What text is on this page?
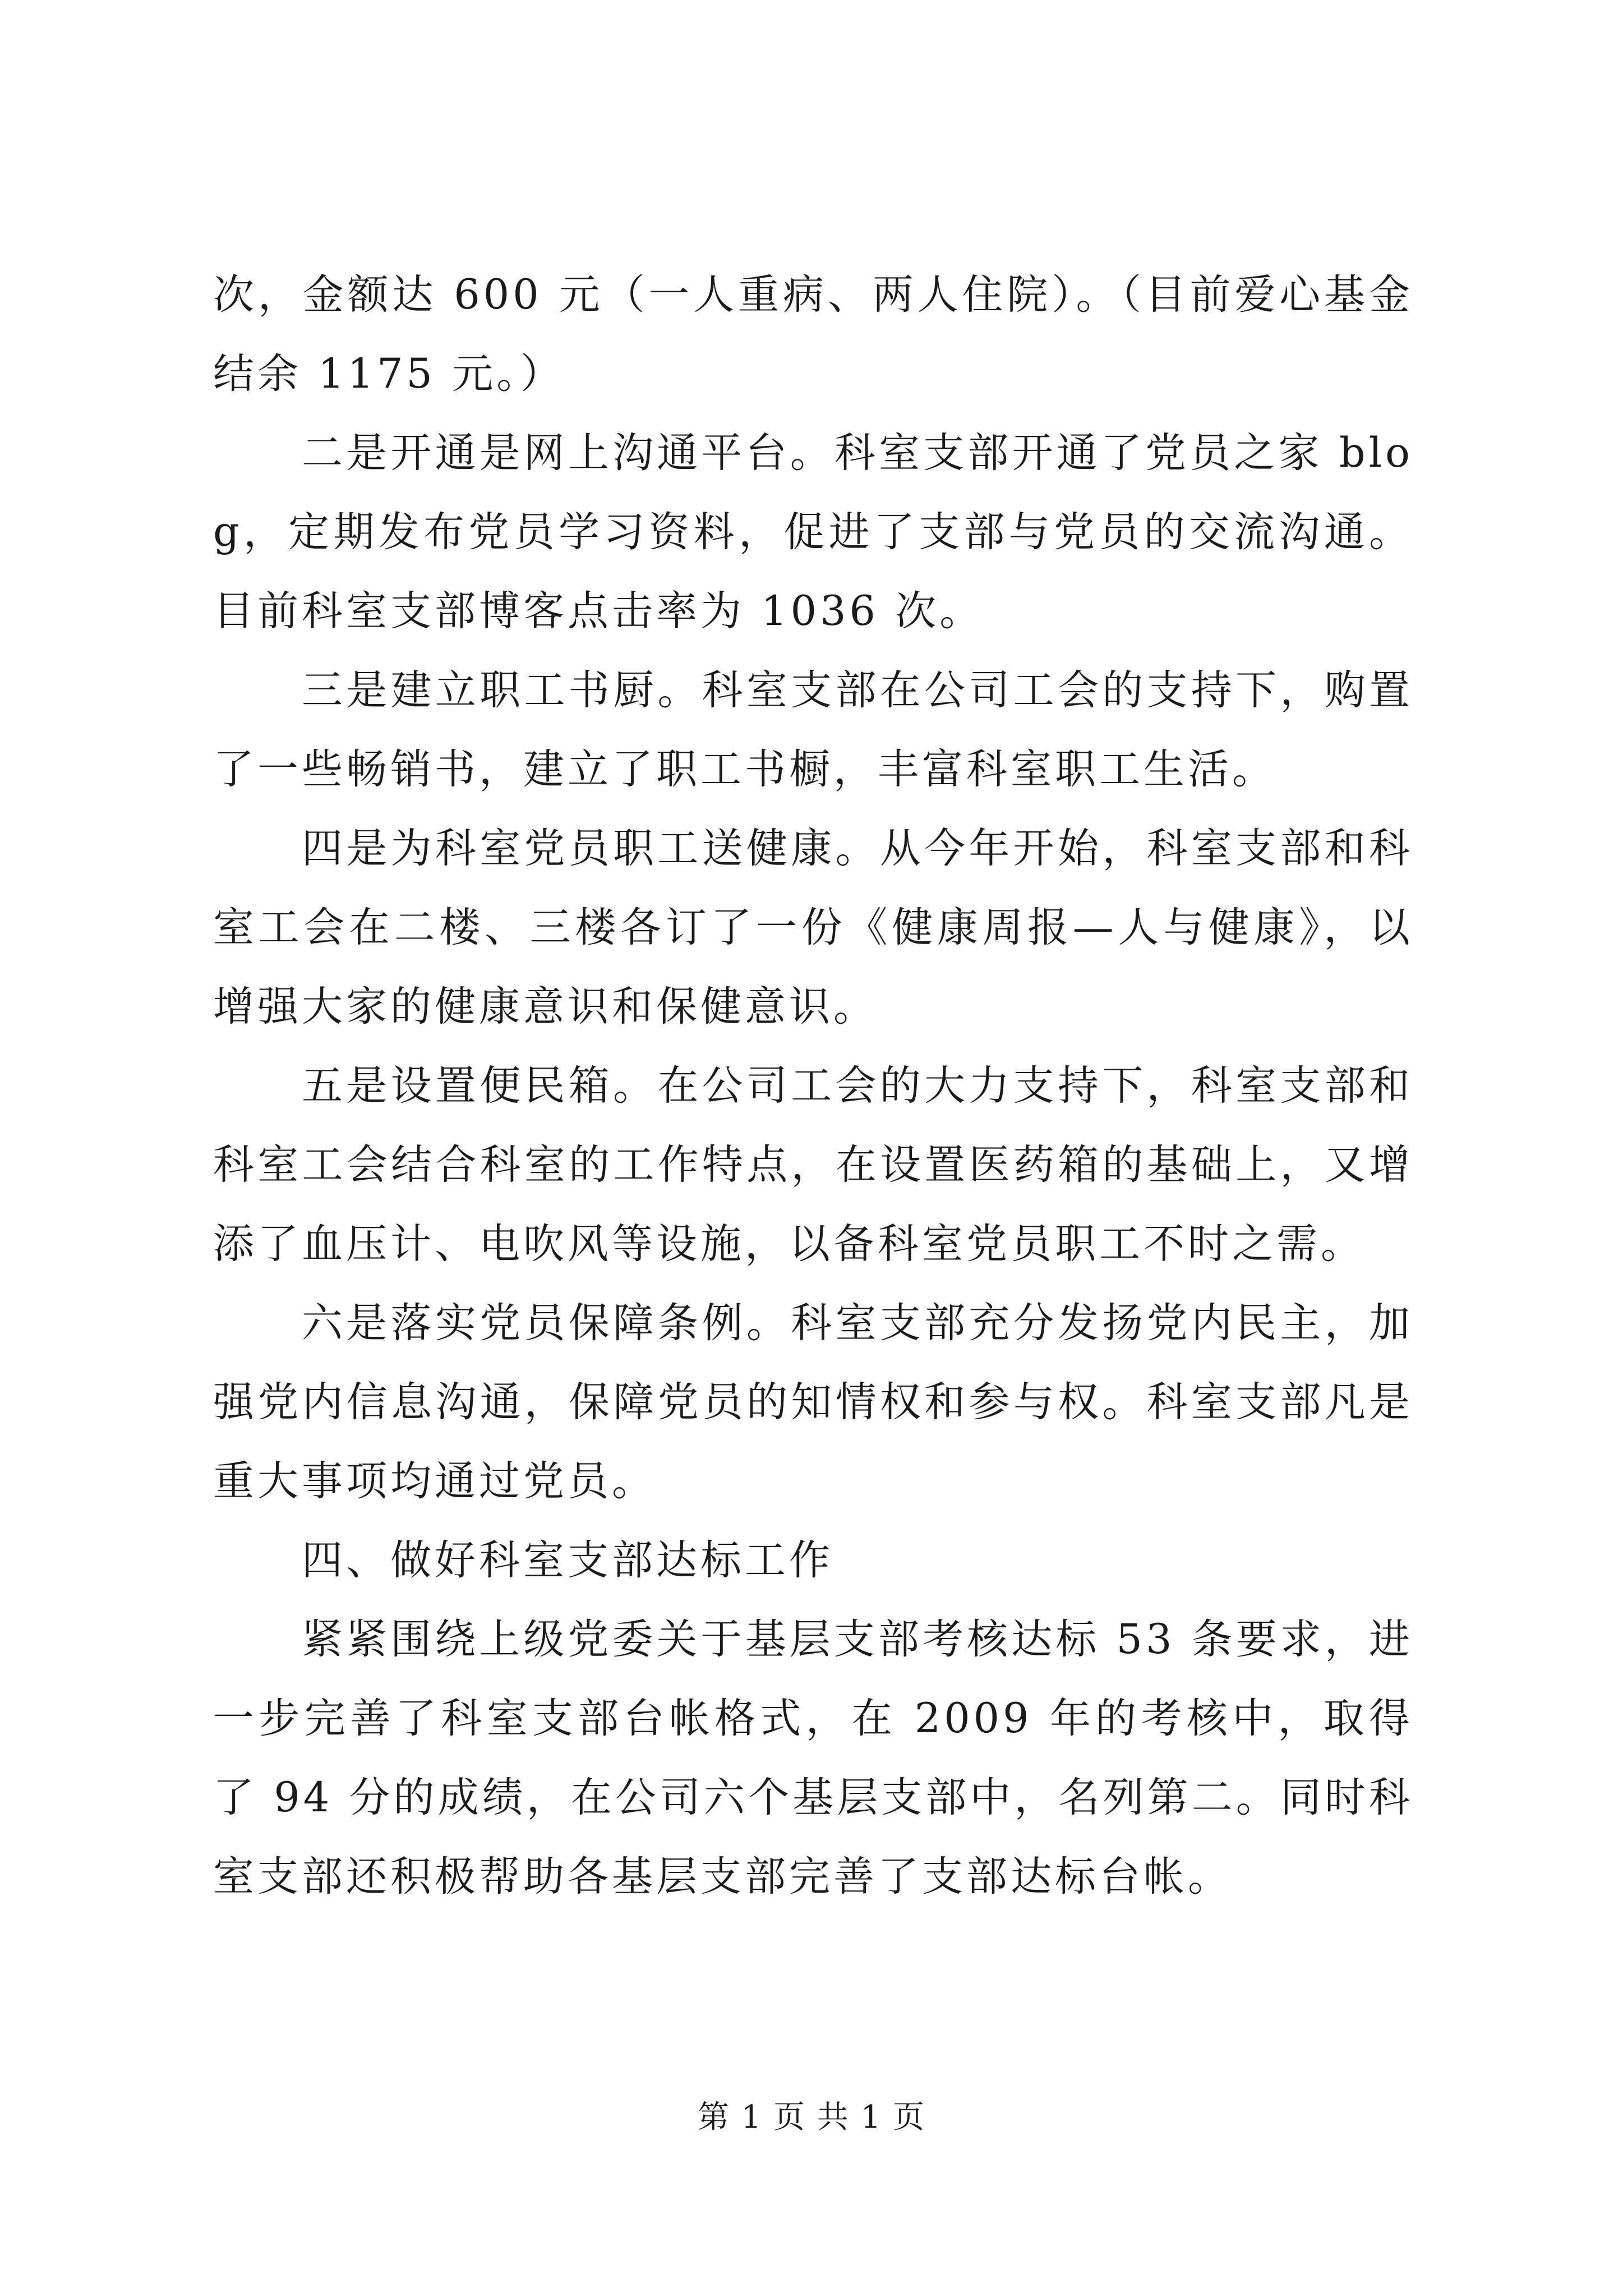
次，金额达 600 元（一人重病、两人住院）。（目前爱心基金结余 1175 元。）

二是开通是网上沟通平台。科室支部开通了党员之家 blog，定期发布党员学习资料，促进了支部与党员的交流沟通。目前科室支部博客点击率为 1036 次。

三是建立职工书厨。科室支部在公司工会的支持下，购置了一些畅销书，建立了职工书橱，丰富科室职工生活。

四是为科室党员职工送健康。从今年开始，科室支部和科室工会在二楼、三楼各订了一份《健康周报—人与健康》，以增强大家的健康意识和保健意识。

五是设置便民箱。在公司工会的大力支持下，科室支部和科室工会结合科室的工作特点，在设置医药箱的基础上，又增添了血压计、电吹风等设施，以备科室党员职工不时之需。

六是落实党员保障条例。科室支部充分发扬党内民主，加强党内信息沟通，保障党员的知情权和参与权。科室支部凡是重大事项均通过党员。

四、做好科室支部达标工作

紧紧围绕上级党委关于基层支部考核达标 53 条要求，进一步完善了科室支部台帐格式，在 2009 年的考核中，取得了 94 分的成绩，在公司六个基层支部中，名列第二。同时科室支部还积极帮助各基层支部完善了支部达标台帐。

第 1 页 共 1 页
